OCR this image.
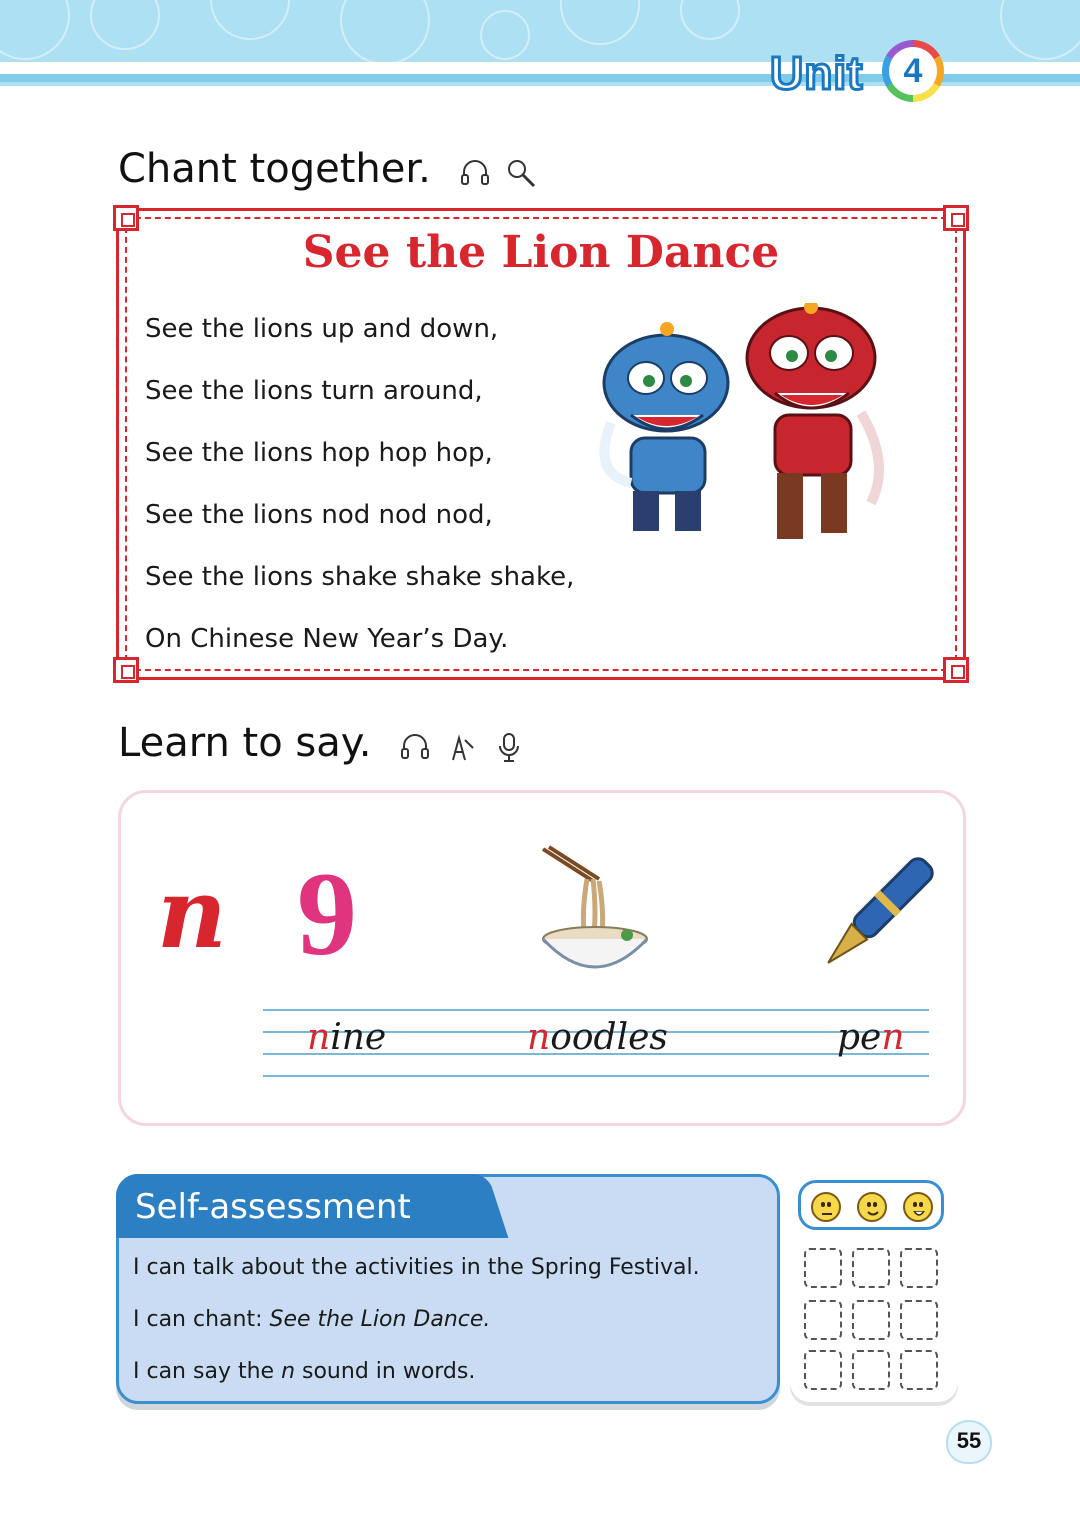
Unit	4
Chant together.
See the Lion Dance
See the lions up and down,
See the lions turn around,
See the lions hop hop hop,
See the lions nod nod nod,
See the lions shake shake shake,
On Chinese New Year’s Day.
Learn to say.
n 9
nine	noodles	pen
Self-assessment
I can talk about the activities in the Spring Festival.
I can chant: See the Lion Dance.
I can say the n sound in words.
55
